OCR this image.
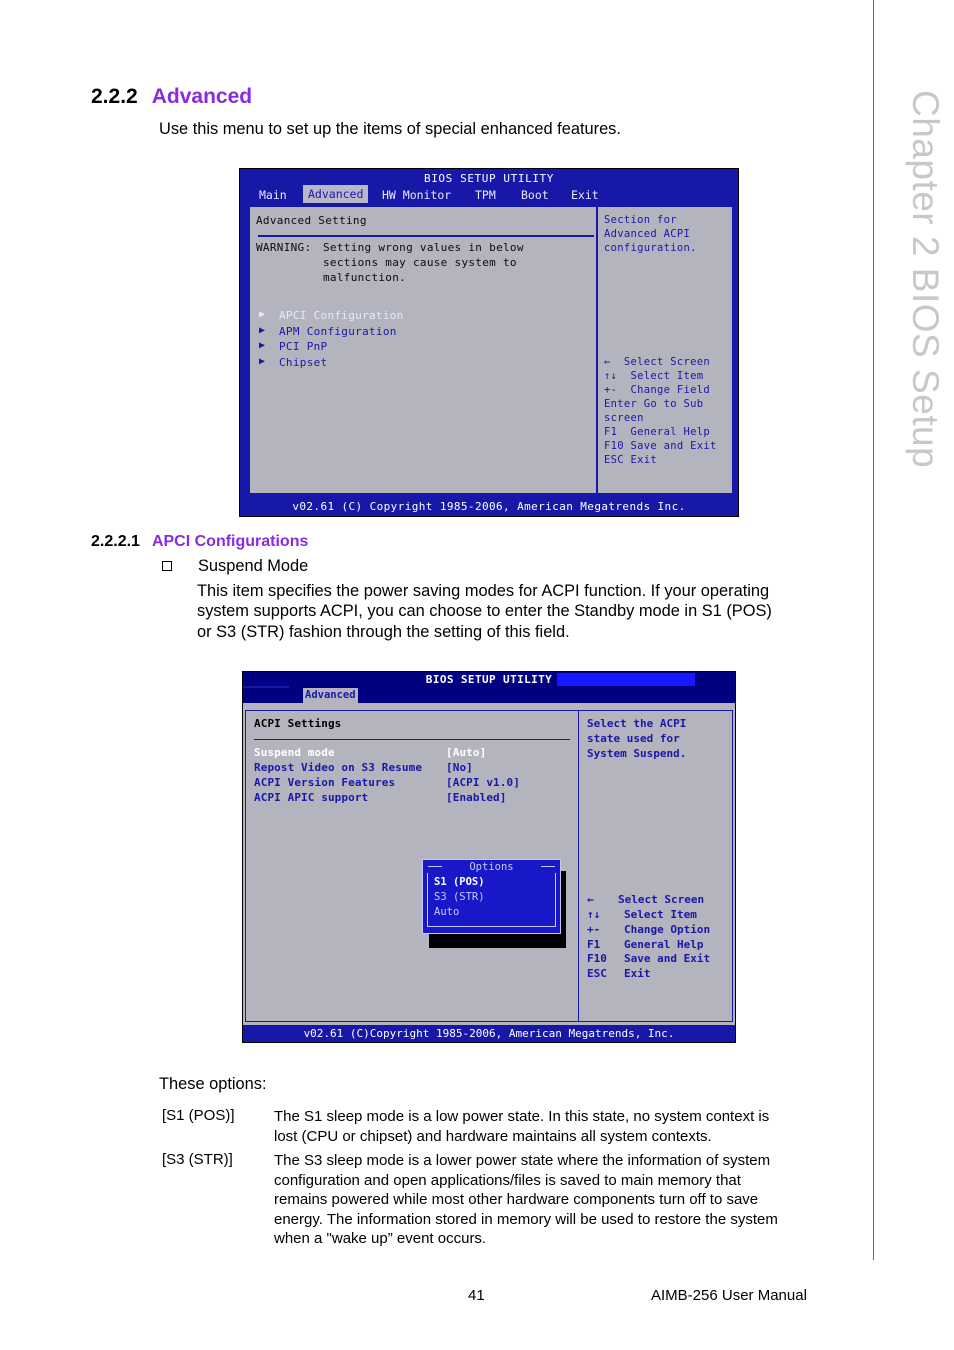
Chapter 2 BIOS Setup
2.2.2 Advanced
Use this menu to set up the items of special enhanced features.
BIOS SETUP UTILITY
Main	Advanced	HW Monitor TPM Boot Exit
Advanced Setting
WARNING: Setting wrong values in below
sections may cause system to
malfunction.
▶ APCI Configuration
▶ APM Configuration
▶ PCI PnP
▶ Chipset
Section for
Advanced ACPI
configuration.
←  Select Screen
↑↓  Select Item
+-  Change Field
Enter Go to Sub
screen
F1  General Help
F10 Save and Exit
ESC Exit
v02.61 (C) Copyright 1985-2006, American Megatrends Inc.
2.2.2.1 APCI Configurations
Suspend Mode
This item specifies the power saving modes for ACPI function. If your operating
system supports ACPI, you can choose to enter the Standby mode in S1 (POS)
or S3 (STR) fashion through the setting of this field.
BIOS SETUP UTILITY
Advanced
ACPI Settings
Suspend mode	[Auto]
Repost Video on S3 Resume [No]
ACPI Version Features	[ACPI v1.0]
ACPI APIC support	[Enabled]
Select the ACPI
state used for
System Suspend.
← Select Screen
↑↓ Select Item
+- Change Option
F1 General Help
F10 Save and Exit
ESC Exit
Options
S1 (POS)
S3 (STR)
Auto
v02.61 (C)Copyright 1985-2006, American Megatrends, Inc.
These options:
[S1 (POS)]	The S1 sleep mode is a low power state. In this state, no system context is
lost (CPU or chipset) and hardware maintains all system contexts.
[S3 (STR)]	The S3 sleep mode is a lower power state where the information of system
configuration and open applications/files is saved to main memory that
remains powered while most other hardware components turn off to save
energy. The information stored in memory will be used to restore the system
when a "wake up” event occurs.
41	AIMB-256 User Manual
